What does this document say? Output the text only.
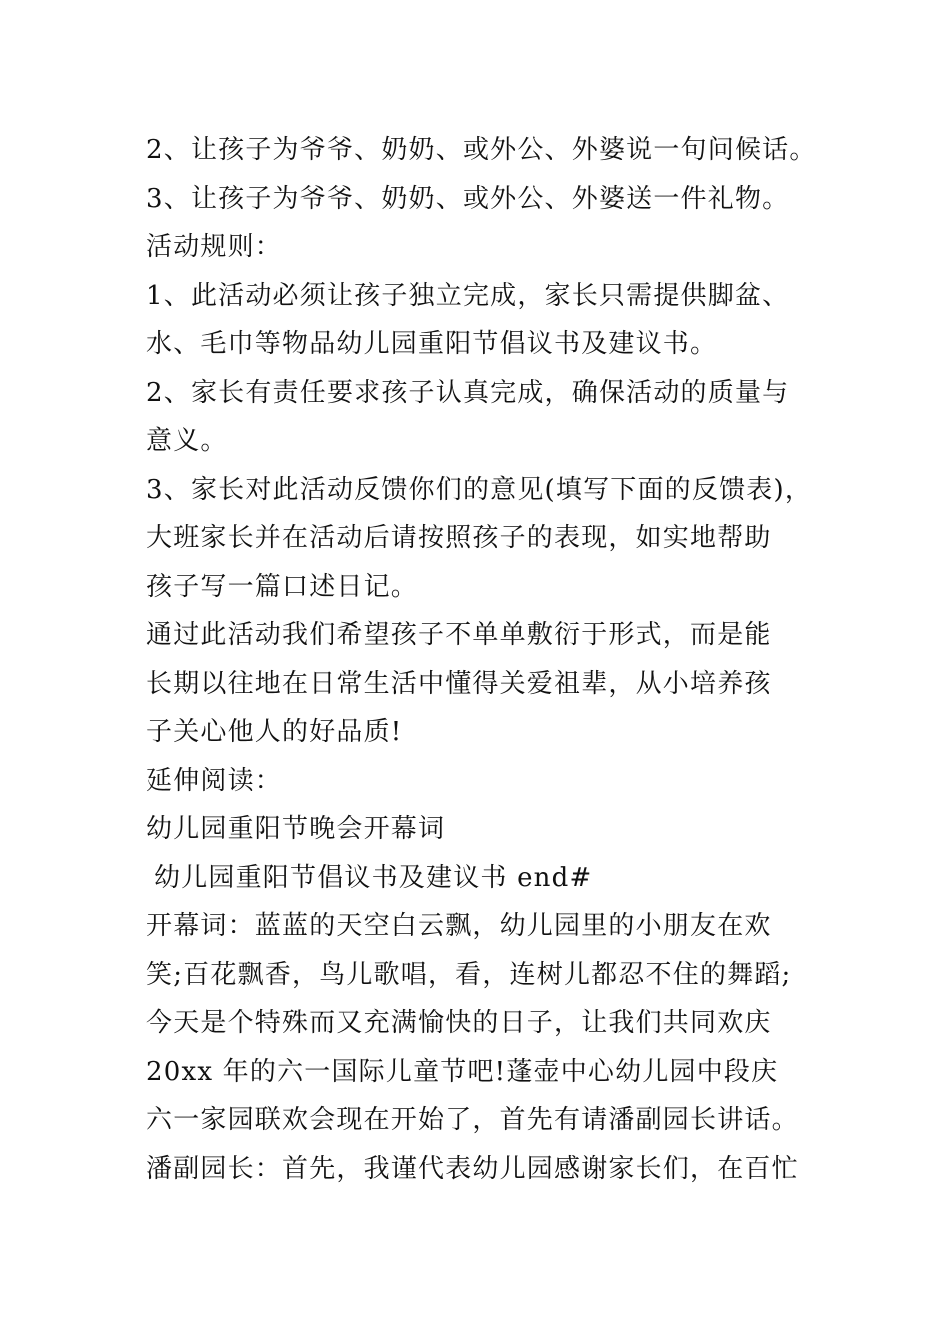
2、让孩子为爷爷、奶奶、或外公、外婆说一句问候话。
3、让孩子为爷爷、奶奶、或外公、外婆送一件礼物。
活动规则：
1、此活动必须让孩子独立完成，家长只需提供脚盆、
水、毛巾等物品幼儿园重阳节倡议书及建议书。
2、家长有责任要求孩子认真完成，确保活动的质量与
意义。
3、家长对此活动反馈你们的意见(填写下面的反馈表)，
大班家长并在活动后请按照孩子的表现，如实地帮助
孩子写一篇口述日记。
通过此活动我们希望孩子不单单敷衍于形式，而是能
长期以往地在日常生活中懂得关爱祖辈，从小培养孩
子关心他人的好品质!
延伸阅读：
幼儿园重阳节晚会开幕词
幼儿园重阳节倡议书及建议书 end#
开幕词：蓝蓝的天空白云飘，幼儿园里的小朋友在欢
笑;百花飘香，鸟儿歌唱，看，连树儿都忍不住的舞蹈;
今天是个特殊而又充满愉快的日子，让我们共同欢庆
20xx 年的六一国际儿童节吧!蓬壶中心幼儿园中段庆
六一家园联欢会现在开始了，首先有请潘副园长讲话。
潘副园长：首先，我谨代表幼儿园感谢家长们，在百忙
